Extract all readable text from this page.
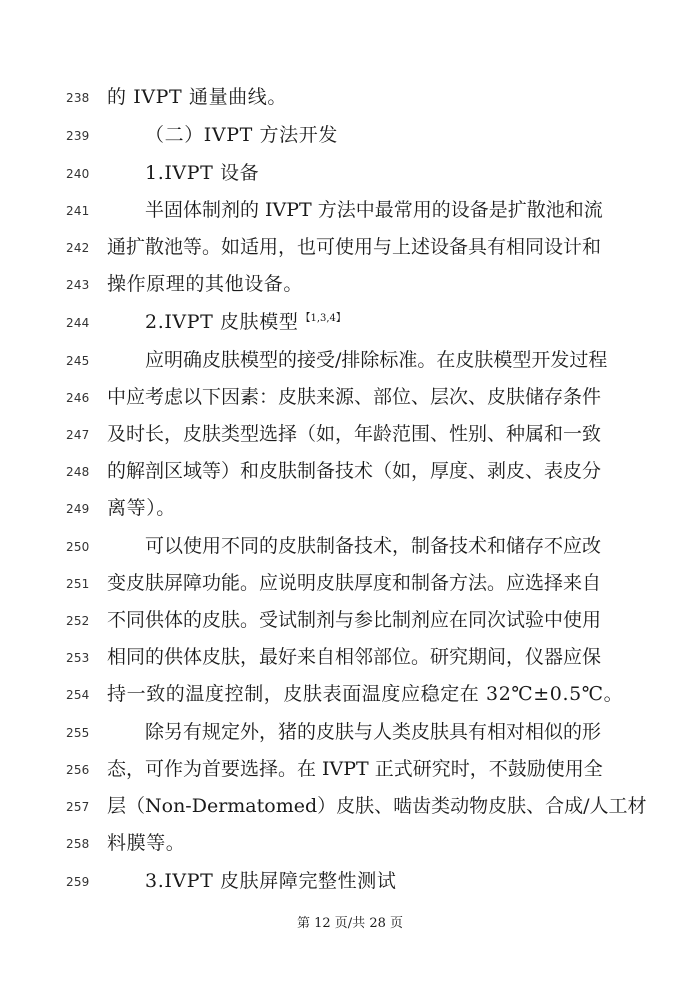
238 的 IVPT 通量曲线。
239	（二）IVPT 方法开发
240	1.IVPT 设备
241	半固体制剂的 IVPT 方法中最常用的设备是扩散池和流
242 通扩散池等。如适用，也可使用与上述设备具有相同设计和
243 操作原理的其他设备。
244	2.IVPT 皮肤模型 $^{【1,3,4】}$
245	应明确皮肤模型的接受/排除标准。在皮肤模型开发过程
246 中应考虑以下因素：皮肤来源、部位、层次、皮肤储存条件
247 及时长，皮肤类型选择（如，年龄范围、性别、种属和一致
248 的解剖区域等）和皮肤制备技术（如，厚度、剥皮、表皮分
249 离等）。
250	可以使用不同的皮肤制备技术，制备技术和储存不应改
251 变皮肤屏障功能。应说明皮肤厚度和制备方法。应选择来自
252 不同供体的皮肤。受试制剂与参比制剂应在同次试验中使用
253 相同的供体皮肤，最好来自相邻部位。研究期间，仪器应保
254 持一致的温度控制，皮肤表面温度应稳定在 32℃±0.5℃。
255	除另有规定外，猪的皮肤与人类皮肤具有相对相似的形
256 态，可作为首要选择。在 IVPT 正式研究时，不鼓励使用全
257 层（Non-Dermatomed）皮肤、啮齿类动物皮肤、合成/人工材
258 料膜等。
259	3.IVPT 皮肤屏障完整性测试
第 12 页/共 28 页
